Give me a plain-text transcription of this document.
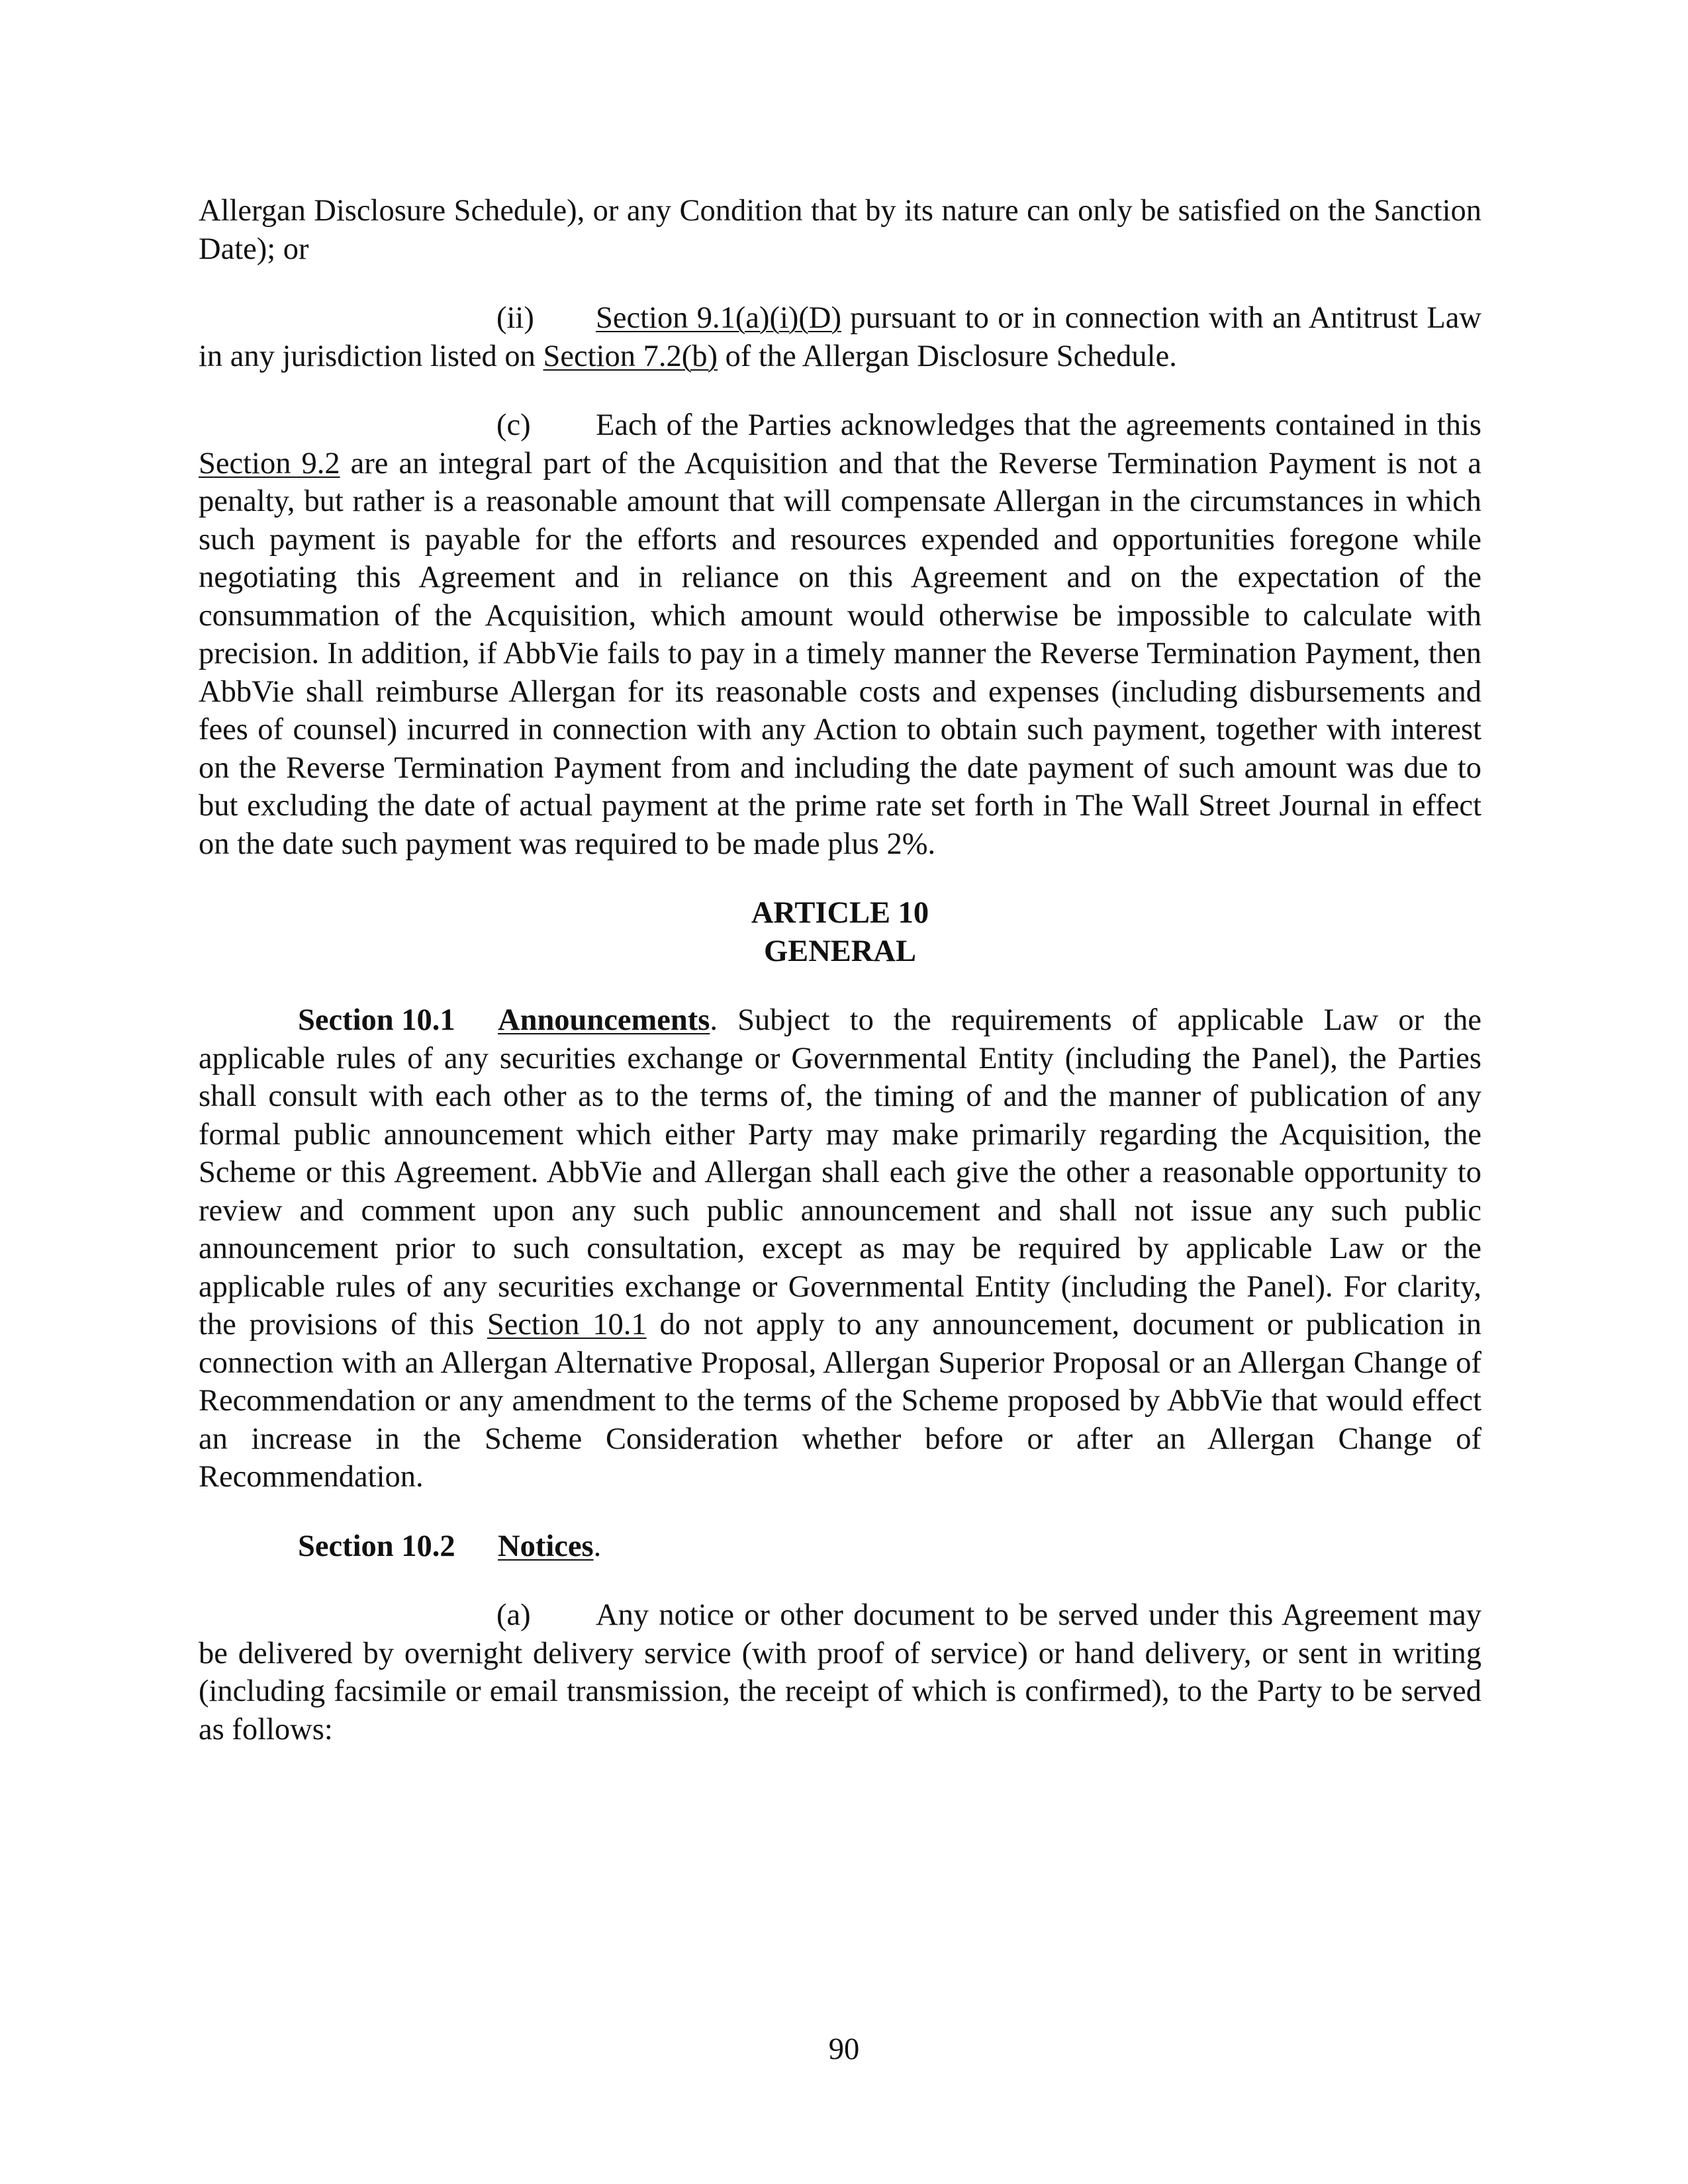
Allergan Disclosure Schedule), or any Condition that by its nature can only be satisfied on the Sanction Date); or

(ii) Section 9.1(a)(i)(D) pursuant to or in connection with an Antitrust Law in any jurisdiction listed on Section 7.2(b) of the Allergan Disclosure Schedule.

(c) Each of the Parties acknowledges that the agreements contained in this Section 9.2 are an integral part of the Acquisition and that the Reverse Termination Payment is not a penalty, but rather is a reasonable amount that will compensate Allergan in the circumstances in which such payment is payable for the efforts and resources expended and opportunities foregone while negotiating this Agreement and in reliance on this Agreement and on the expectation of the consummation of the Acquisition, which amount would otherwise be impossible to calculate with precision. In addition, if AbbVie fails to pay in a timely manner the Reverse Termination Payment, then AbbVie shall reimburse Allergan for its reasonable costs and expenses (including disbursements and fees of counsel) incurred in connection with any Action to obtain such payment, together with interest on the Reverse Termination Payment from and including the date payment of such amount was due to but excluding the date of actual payment at the prime rate set forth in The Wall Street Journal in effect on the date such payment was required to be made plus 2%.

ARTICLE 10
GENERAL

Section 10.1 Announcements. Subject to the requirements of applicable Law or the applicable rules of any securities exchange or Governmental Entity (including the Panel), the Parties shall consult with each other as to the terms of, the timing of and the manner of publication of any formal public announcement which either Party may make primarily regarding the Acquisition, the Scheme or this Agreement. AbbVie and Allergan shall each give the other a reasonable opportunity to review and comment upon any such public announcement and shall not issue any such public announcement prior to such consultation, except as may be required by applicable Law or the applicable rules of any securities exchange or Governmental Entity (including the Panel). For clarity, the provisions of this Section 10.1 do not apply to any announcement, document or publication in connection with an Allergan Alternative Proposal, Allergan Superior Proposal or an Allergan Change of Recommendation or any amendment to the terms of the Scheme proposed by AbbVie that would effect an increase in the Scheme Consideration whether before or after an Allergan Change of Recommendation.

Section 10.2 Notices.

(a) Any notice or other document to be served under this Agreement may be delivered by overnight delivery service (with proof of service) or hand delivery, or sent in writing (including facsimile or email transmission, the receipt of which is confirmed), to the Party to be served as follows:

90
